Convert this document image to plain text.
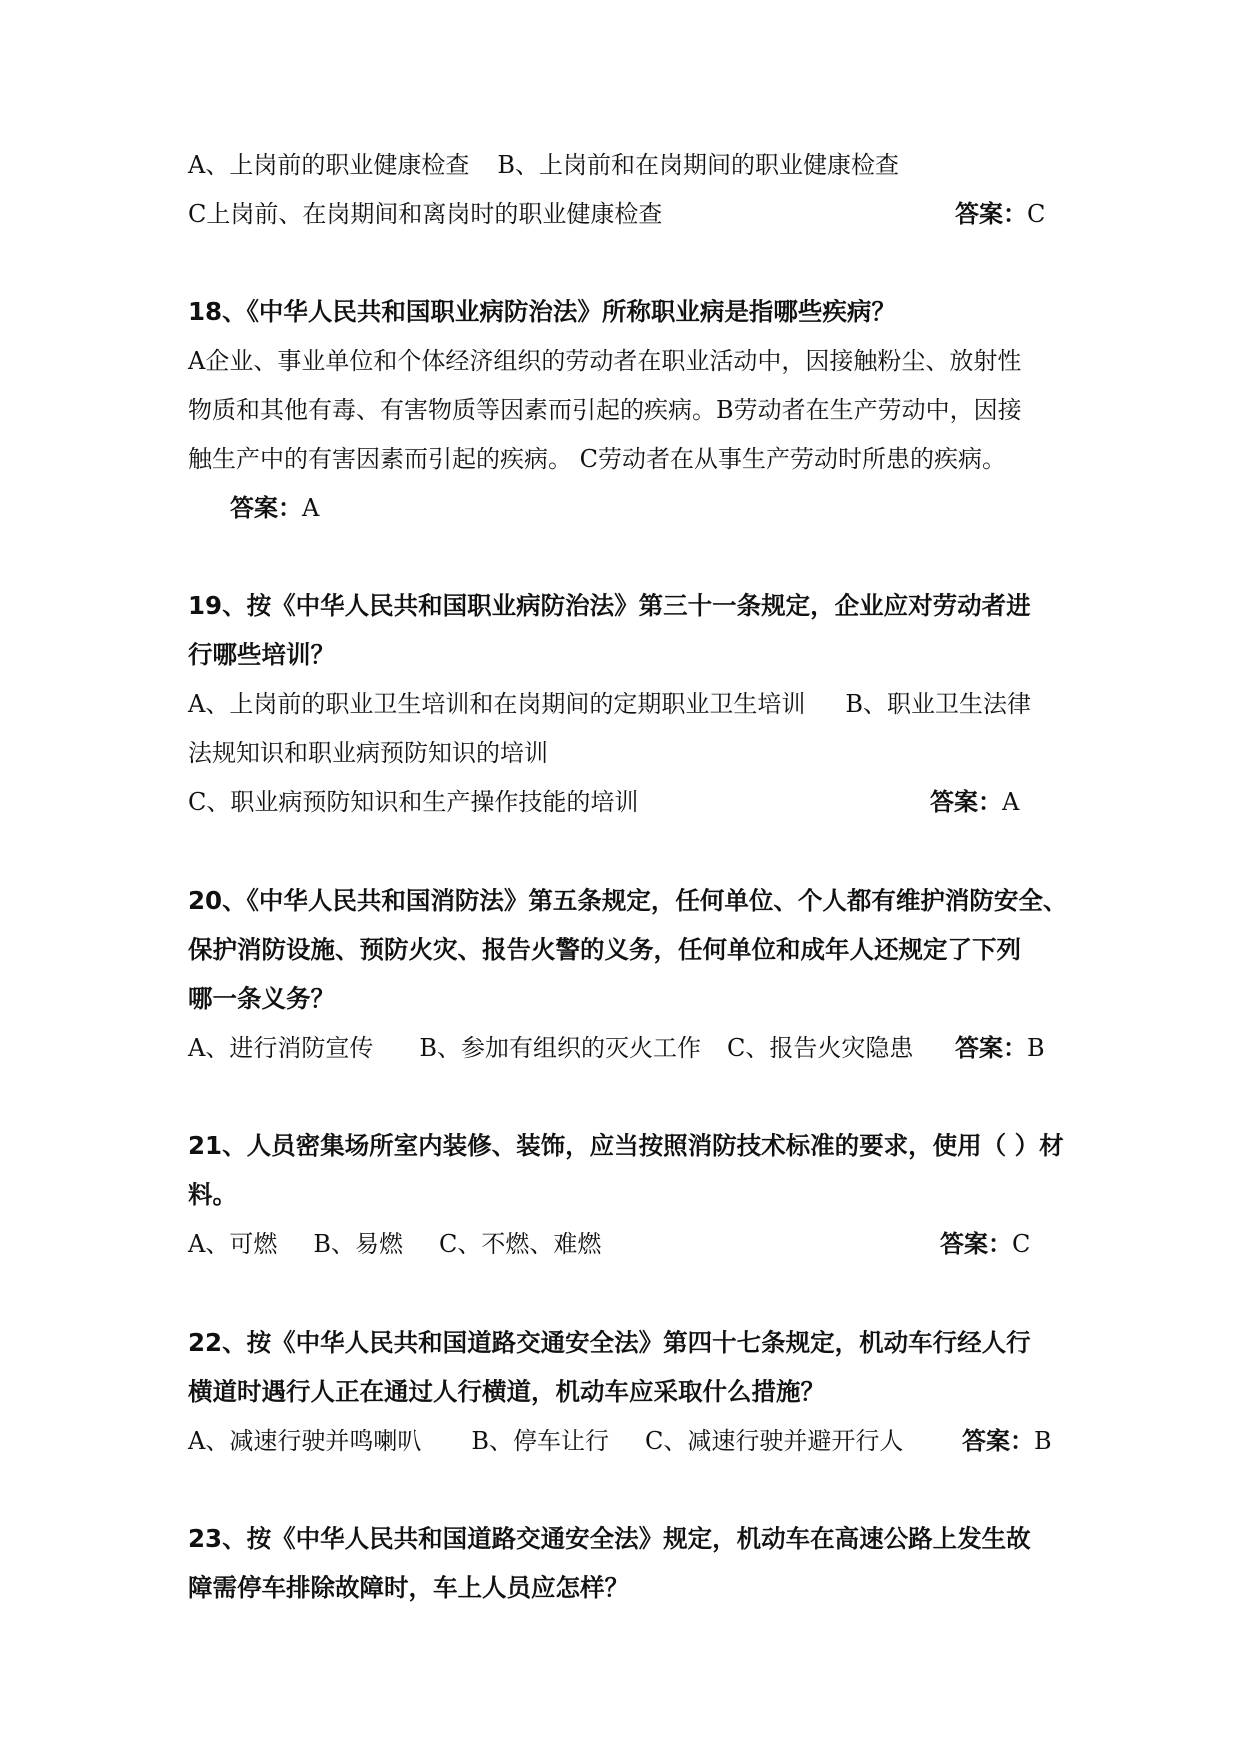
A、上岗前的职业健康检查 B、上岗前和在岗期间的职业健康检查
C上岗前、在岗期间和离岗时的职业健康检查	答案：C
18、《中华人民共和国职业病防治法》所称职业病是指哪些疾病？
A企业、事业单位和个体经济组织的劳动者在职业活动中，因接触粉尘、放射性
物质和其他有毒、有害物质等因素而引起的疾病。B劳动者在生产劳动中，因接
触生产中的有害因素而引起的疾病。 C劳动者在从事生产劳动时所患的疾病。
答案：A
19、按《中华人民共和国职业病防治法》第三十一条规定，企业应对劳动者进
行哪些培训？
A、上岗前的职业卫生培训和在岗期间的定期职业卫生培训 B、职业卫生法律
法规知识和职业病预防知识的培训
C、职业病预防知识和生产操作技能的培训	答案：A
20、《中华人民共和国消防法》第五条规定，任何单位、个人都有维护消防安全、
保护消防设施、预防火灾、报告火警的义务，任何单位和成年人还规定了下列
哪一条义务？
A、进行消防宣传 B、参加有组织的灭火工作 C、报告火灾隐患 答案：B
21、人员密集场所室内装修、装饰，应当按照消防技术标准的要求，使用（ ）材
料。
A、可燃 B、易燃 C、不燃、难燃	答案：C
22、按《中华人民共和国道路交通安全法》第四十七条规定，机动车行经人行
横道时遇行人正在通过人行横道，机动车应采取什么措施？
A、减速行驶并鸣喇叭 B、停车让行 C、减速行驶并避开行人 答案：B
23、按《中华人民共和国道路交通安全法》规定，机动车在高速公路上发生故
障需停车排除故障时，车上人员应怎样？
